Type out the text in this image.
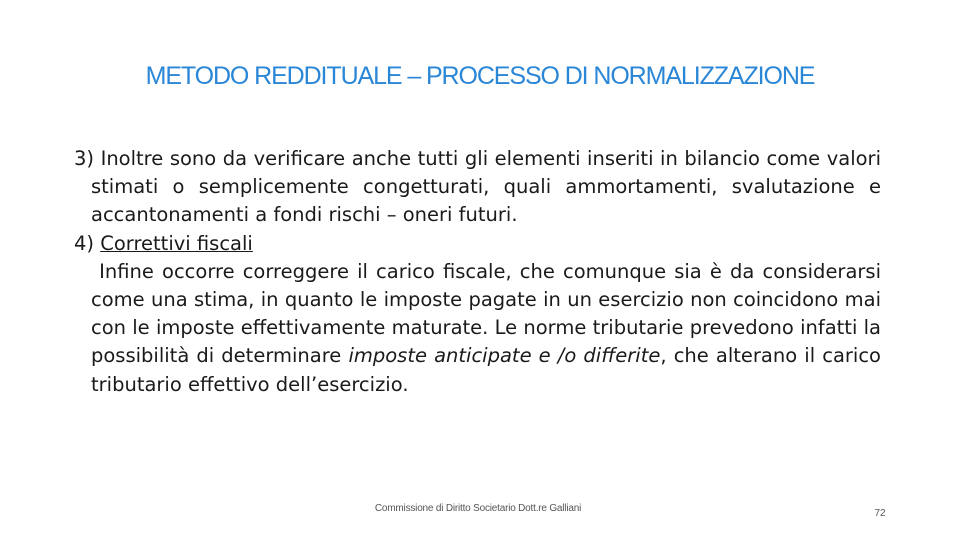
METODO REDDITUALE – PROCESSO DI NORMALIZZAZIONE

3) Inoltre sono da verificare anche tutti gli elementi inseriti in bilancio come valori stimati o semplicemente congetturati, quali ammortamenti, svalutazione e accantonamenti a fondi rischi – oneri futuri.

4) Correttivi fiscali

Infine occorre correggere il carico fiscale, che comunque sia è da considerarsi come una stima, in quanto le imposte pagate in un esercizio non coincidono mai con le imposte effettivamente maturate. Le norme tributarie prevedono infatti la possibilità di determinare imposte anticipate e /o differite, che alterano il carico tributario effettivo dell’esercizio.

Commissione di Diritto Societario Dott.re Galliani	72
